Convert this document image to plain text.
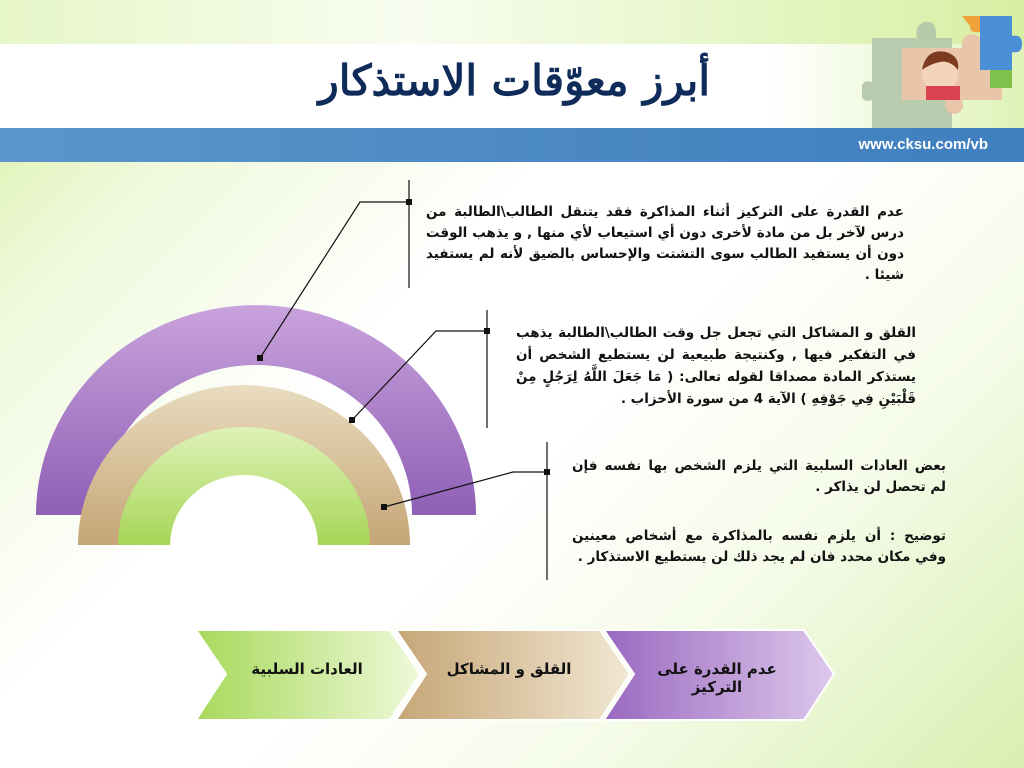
أبرز معوّقات الاستذكار
www.cksu.com/vb
عدم القدرة على التركيز أثناء المذاكرة فقد يتنقل الطالب\الطالبة من درس لآخر بل من مادة لأخرى دون أي استيعاب لأي منها , و يذهب الوقت دون أن يستفيد الطالب سوى التشتت والإحساس بالضيق لأنه لم يستفيد شيئا .
القلق و المشاكل التي تجعل جل وقت الطالب\الطالبة يذهب في التفكير فيها , وكنتيجة طبيعية لن يستطيع الشخص أن يستذكر المادة مصداقا لقوله تعالى: ( مَا جَعَلَ اللَّهُ لِرَجُلٍ مِنْ قَلْبَيْنِ فِي جَوْفِهِ ) الآية 4 من سورة الأحزاب .
بعض العادات السلبية التي يلزم الشخص بها نفسه فإن لم تحصل لن يذاكر .
توضيح : أن يلزم نفسه بالمذاكرة مع أشخاص معينين وفي مكان محدد فان لم يجد ذلك لن يستطيع الاستذكار .
عدم القدرة على التركيز
القلق و المشاكل
العادات السلبية
